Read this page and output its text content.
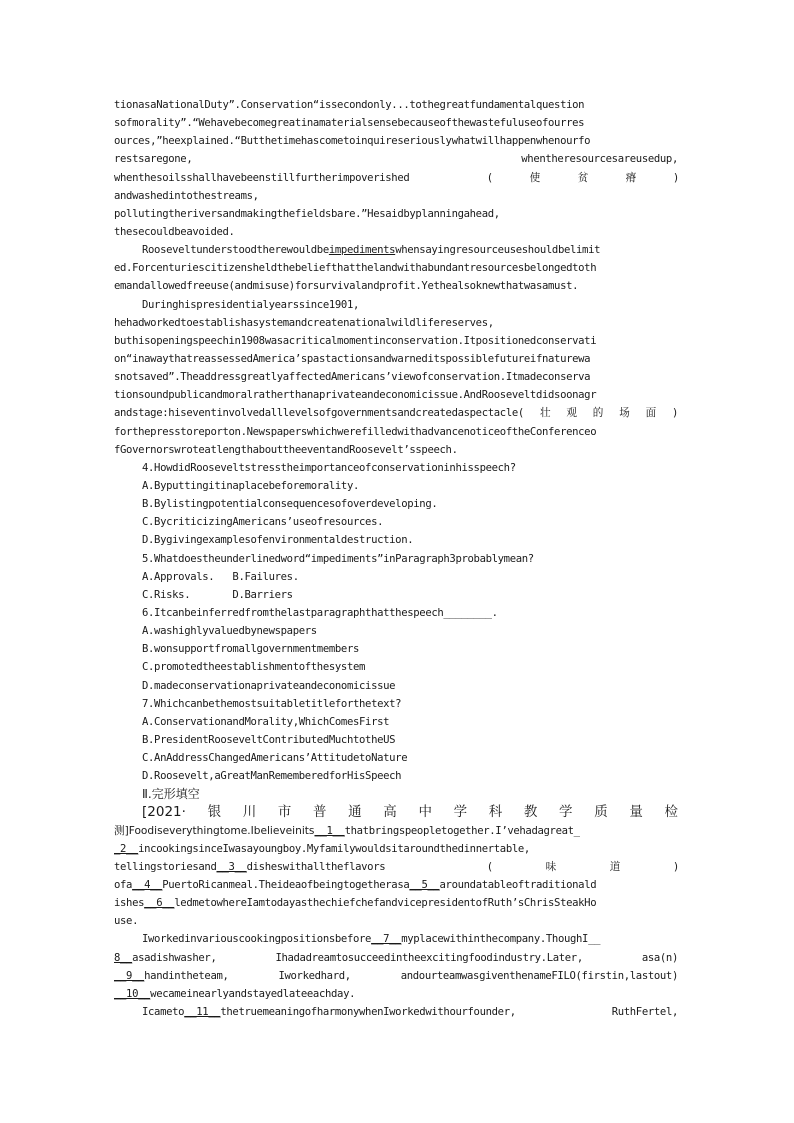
tionasaNationalDuty”.Conservation“issecondonly...tothegreatfundamentalquestion
sofmorality”.“Wehavebecomegreatinamaterialsensebecauseofthewastefuluseofourres
ources,”heexplained.“Butthetimehascometoinquireseriouslywhatwillhappenwhenourfo
restsaregone,	whentheresourcesareusedup,
whenthesoilsshallhavebeenstillfurtherimpoverished	(使贫瘠)
andwashedintothestreams,
pollutingtheriversandmakingthefieldsbare.”Hesaidbyplanningahead,
thesecouldbeavoided.
Rooseveltunderstoodtherewouldbeimpedimentswhensayingresourceuseshouldbelimit
ed.Forcenturiescitizensheldthebeliefthatthelandwithabundantresourcesbelongedtoth
emandallowedfreeuse(andmisuse)forsurvivalandprofit.Yethealsoknewthatwasamust.
Duringhispresidentialyearssince1901,
hehadworkedtoestablishasystemandcreatenationalwildlifereserves,
buthisopeningspeechin1908wasacriticalmomentinconservation.Itpositionedconservati
on“inawaythatreassessedAmerica’spastactionsandwarneditspossiblefutureifnaturewa
snotsaved”.TheaddressgreatlyaffectedAmericans’viewofconservation.Itmadeconserva
tionsoundpublicandmoralratherthanaprivateandeconomicissue.AndRooseveltdidsoonagr
andstage:hiseventinvolvedalllevelsofgovernmentsandcreatedaspectacle(壮观的场面)
forthepresstoreporton.NewspaperswhichwerefilledwithadvancenoticeoftheConferenceo
fGovernorswroteatlengthabouttheeventandRoosevelt’sspeech.
4.HowdidRooseveltstresstheimportanceofconservationinhisspeech?
A.Byputtingitinaplacebeforemorality.
B.Bylistingpotentialconsequencesofoverdeveloping.
C.BycriticizingAmericans’useofresources.
D.Bygivingexamplesofenvironmentaldestruction.
5.Whatdoestheunderlinedword“impediments”inParagraph3probablymean?
A.Approvals.   B.Failures.
C.Risks.       D.Barriers
6.Itcanbeinferredfromthelastparagraphthatthespeech________.
A.washighlyvaluedbynewspapers
B.wonsupportfromallgovernmentmembers
C.promotedtheestablishmentofthesystem
D.madeconservationaprivateandeconomicissue
7.Whichcanbethemostsuitabletitleforthetext?
A.ConservationandMorality,WhichComesFirst
B.PresidentRooseveltContributedMuchtotheUS
C.AnAddressChangedAmericans’AttitudetoNature
D.Roosevelt,aGreatManRememberedforHisSpeech
Ⅱ.完形填空
[2021·银川市普通高中学科教学质量检
测]Foodiseverythingtome.Ibelieveinits__1__thatbringspeopletogether.I’vehadagreat_
_2__incookingsinceIwasayoungboy.Myfamilywouldsitaroundthedinnertable,
tellingstoriesand__3__disheswithalltheflavors	(味道)
ofa__4__PuertoRicanmeal.Theideaofbeingtogetherasa__5__aroundatableoftraditionald
ishes__6__ledmetowhereIamtodayasthechiefchefandvicepresidentofRuth’sChrisSteakHo
use.
Iworkedinvariouscookingpositionsbefore__7__myplacewithinthecompany.ThoughI__
8__asadishwasher,	Ihadadreamtosucceedintheexcitingfoodindustry.Later,	asa(n)
__9__handintheteam,	Iworkedhard,	andourteamwasgiventhenameFILO(firstin,lastout)
__10__wecameinearlyandstayedlateeachday.
Icameto__11__thetruemeaningofharmonywhenIworkedwithourfounder,	RuthFertel,
